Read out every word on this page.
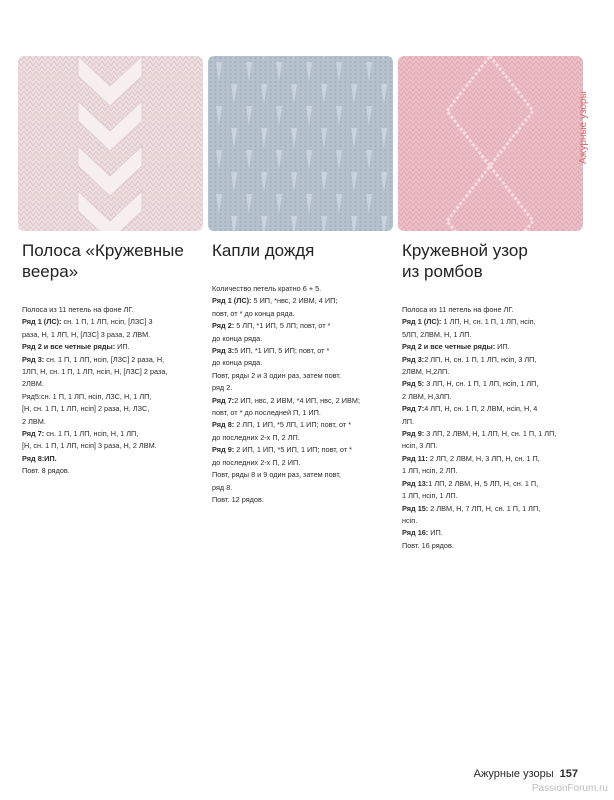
Ажурные узоры
Полоса «Кружевные
веера»
Полоса из 11 петель на фоне ЛГ.
Ряд 1 (ЛС): сн. 1 П, 1 ЛП, нсіп, [ЛЗС] 3
раза, Н, 1 ЛП, Н, [ЛЗС] 3 раза, 2 ЛВМ.
Ряд 2 и все четные ряды: ИП.
Ряд 3: сн. 1 П, 1 ЛП, нсіп, [ЛЗС] 2 раза, Н,
1ЛП, Н, сн. 1 П, 1 ЛП, нсіп, Н, [ЛЗС] 2 раза,
2ЛВМ.
Ряд5:сн. 1 П, 1 ЛП, нсіп, ЛЗС, Н, 1 ЛП,
[Н, сн. 1 П, 1 ЛП, нсіп] 2 раза, Н, ЛЗС,
2 ЛВМ.
Ряд 7: сн. 1 П, 1 ЛП, нсіп, Н, 1 ЛП,
[Н, сн. 1 П, 1 ЛП, нсіп] 3 раза, Н, 2 ЛВМ.
Ряд 8:ИП.
Повт. 8 рядов.
Капли дождя
Количество петель кратно 6 + 5.
Ряд 1 (ЛС): 5 ИП, *нвс, 2 ИВМ, 4 ИП;
повт, от * до конца ряда.
Ряд 2: 5 ЛП, *1 ИП, 5 ЛП; повт, от *
до конца ряда.
Ряд 3:5 ИП, *1 ИП, 5 ИП; повт, от *
до конца ряда.
Повт, ряды 2 и 3 один раз, затем повт.
ряд 2.
Ряд 7:2 ИП, нвс, 2 ИВМ, *4 ИП, нвс, 2 ИВМ;
повт, от * до последней П, 1 ИП.
Ряд 8: 2 ЛП, 1 ИП, *5 ЛП, 1 ИП; повт, от *
до последних 2-х П, 2 ЛП.
Ряд 9: 2 ИП, 1 ИП, *5 ИП, 1 ИП; повт, от *
до последних 2-х П, 2 ИП.
Повт, ряды 8 и 9 один раз, затем повт,
ряд 8.
Повт. 12 рядов.
Кружевной узор
из ромбов
Полоса из 11 петель на фоне ЛГ.
Ряд 1 (ЛС): 1 ЛП, Н, сн. 1 П, 1 ЛП, нсіп,
5ЛП, 2ЛВМ, Н, 1 ЛП.
Ряд 2 и все четные ряды: ИП.
Ряд 3:2 ЛП, Н, сн. 1 П, 1 ЛП, нсіп, 3 ЛП,
2ЛВМ, Н,2ЛП.
Ряд 5: 3 ЛП, Н, сн. 1 П, 1 ЛП, нсіп, 1 ЛП,
2 ЛВМ, Н,3ЛП.
Ряд 7:4 ЛП, Н, сн. 1 П, 2 ЛВМ, нсіп, Н, 4
ЛП.
Ряд 9: 3 ЛП, 2 ЛВМ, Н, 1 ЛП, Н, сн. 1 П, 1 ЛП,
нсіп, 3 ЛП.
Ряд 11: 2 ЛП, 2 ЛВМ, Н, 3 ЛП, Н, сн. 1 П,
1 ЛП, нсіп, 2 ЛП.
Ряд 13:1 ЛП, 2 ЛВМ, Н, 5 ЛП, Н, сн. 1 П,
1 ЛП, нсіп, 1 ЛП.
Ряд 15: 2 ЛВМ, Н, 7 ЛП, Н, сн. 1 П, 1 ЛП,
нсіп.
Ряд 16: ИП.
Повт. 16 рядов.
Ажурные узоры 157
PassionForum.ru
